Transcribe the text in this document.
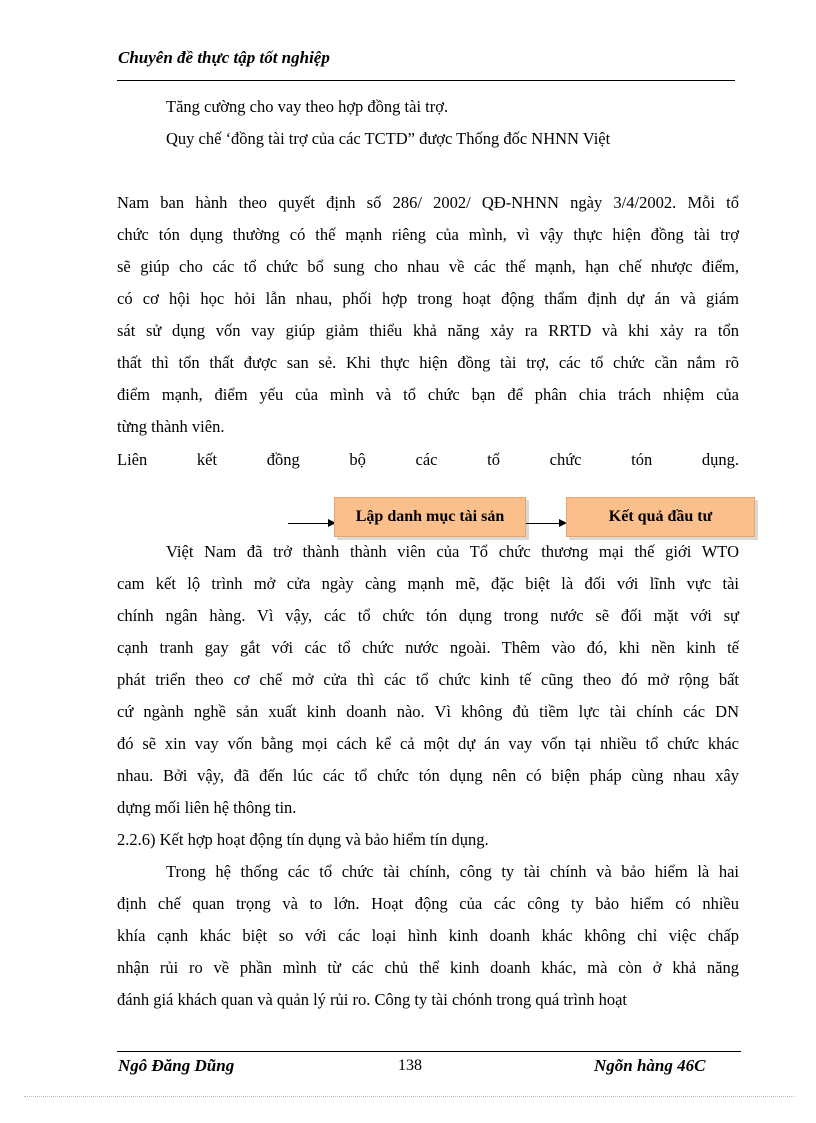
Chuyên đề thực tập tốt nghiệp
Tăng cường cho vay theo hợp đồng tài trợ.
Quy chế ‘đồng tài trợ của các TCTD” được Thống đốc NHNN Việt
Nam ban hành theo quyết định số 286/ 2002/ QĐ-NHNN ngày 3/4/2002. Mỗi tổ
chức tón dụng thường có thế mạnh riêng của mình, vì vậy thực hiện đồng tài trợ
sẽ giúp cho các tổ chức bổ sung cho nhau về các thế mạnh, hạn chế nhược điểm,
có cơ hội học hỏi lẫn nhau, phối hợp trong hoạt động thẩm định dự án và giám
sát sử dụng vốn vay giúp giảm thiểu khả năng xảy ra RRTD và khi xảy ra tổn
thất thì tổn thất được san sẻ. Khi thực hiện đồng tài trợ, các tổ chức cần nắm rõ
điểm mạnh, điểm yếu của mình và tổ chức bạn để phân chia trách nhiệm của
từng thành viên.
Liên kết đồng bộ các tổ chức tón dụng.
Lập danh mục tài sản	Kết quả đầu tư
Việt Nam đã trở thành thành viên của Tổ chức thương mại thế giới WTO
cam kết lộ trình mở cửa ngày càng mạnh mẽ, đặc biệt là đối với lĩnh vực tài
chính ngân hàng. Vì vậy, các tổ chức tón dụng trong nước sẽ đối mặt với sự
cạnh tranh gay gắt với các tổ chức nước ngoài. Thêm vào đó, khi nền kinh tế
phát triển theo cơ chế mở cửa thì các tổ chức kinh tế cũng theo đó mở rộng bất
cứ ngành nghề sản xuất kinh doanh nào. Vì không đủ tiềm lực tài chính các DN
đó sẽ xin vay vốn bằng mọi cách kể cả một dự án vay vốn tại nhiều tổ chức khác
nhau. Bởi vậy, đã đến lúc các tổ chức tón dụng nên có biện pháp cùng nhau xây
dựng mối liên hệ thông tin.
2.2.6) Kết hợp hoạt động tín dụng và bảo hiểm tín dụng.
Trong hệ thống các tổ chức tài chính, công ty tài chính và bảo hiểm là hai
định chế quan trọng và to lớn. Hoạt động của các công ty bảo hiểm có nhiều
khía cạnh khác biệt so với các loại hình kinh doanh khác không chỉ việc chấp
nhận rủi ro về phần mình từ các chủ thể kinh doanh khác, mà còn ở khả năng
đánh giá khách quan và quản lý rủi ro. Công ty tài chónh trong quá trình hoạt
Ngô Đăng Dũng	138	Ngõn hàng 46C
